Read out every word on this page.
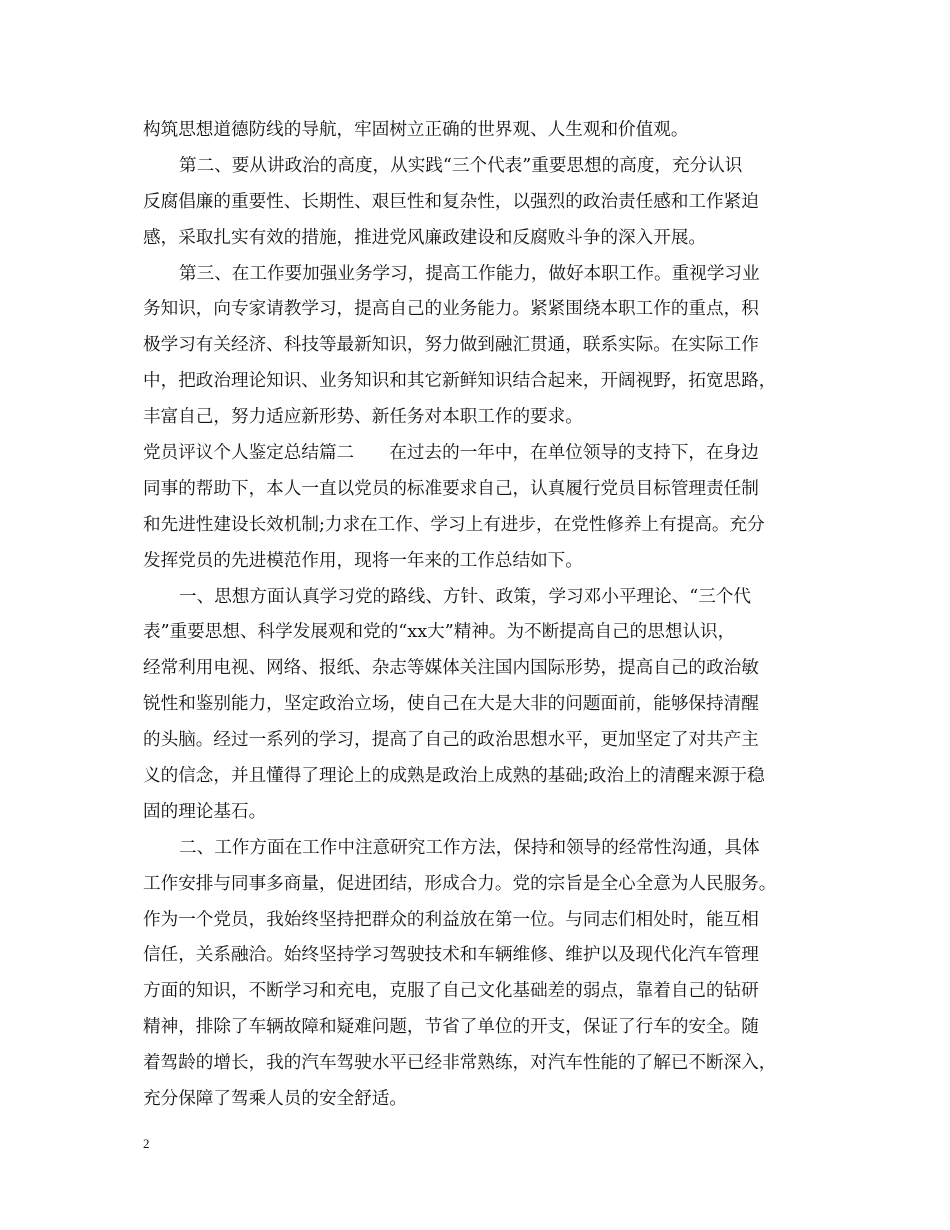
构筑思想道德防线的导航，牢固树立正确的世界观、人生观和价值观。
第二、要从讲政治的高度，从实践“三个代表”重要思想的高度，充分认识
反腐倡廉的重要性、长期性、艰巨性和复杂性，以强烈的政治责任感和工作紧迫
感，采取扎实有效的措施，推进党风廉政建设和反腐败斗争的深入开展。
第三、在工作要加强业务学习，提高工作能力，做好本职工作。重视学习业
务知识，向专家请教学习，提高自己的业务能力。紧紧围绕本职工作的重点，积
极学习有关经济、科技等最新知识，努力做到融汇贯通，联系实际。在实际工作
中，把政治理论知识、业务知识和其它新鲜知识结合起来，开阔视野，拓宽思路，
丰富自己，努力适应新形势、新任务对本职工作的要求。
党员评议个人鉴定总结篇二　　在过去的一年中，在单位领导的支持下，在身边
同事的帮助下，本人一直以党员的标准要求自己，认真履行党员目标管理责任制
和先进性建设长效机制;力求在工作、学习上有进步，在党性修养上有提高。充分
发挥党员的先进模范作用，现将一年来的工作总结如下。
一、思想方面认真学习党的路线、方针、政策，学习邓小平理论、“三个代
表”重要思想、科学发展观和党的“xx大”精神。为不断提高自己的思想认识，
经常利用电视、网络、报纸、杂志等媒体关注国内国际形势，提高自己的政治敏
锐性和鉴别能力，坚定政治立场，使自己在大是大非的问题面前，能够保持清醒
的头脑。经过一系列的学习，提高了自己的政治思想水平，更加坚定了对共产主
义的信念，并且懂得了理论上的成熟是政治上成熟的基础;政治上的清醒来源于稳
固的理论基石。
二、工作方面在工作中注意研究工作方法，保持和领导的经常性沟通，具体
工作安排与同事多商量，促进团结，形成合力。党的宗旨是全心全意为人民服务。
作为一个党员，我始终坚持把群众的利益放在第一位。与同志们相处时，能互相
信任，关系融洽。始终坚持学习驾驶技术和车辆维修、维护以及现代化汽车管理
方面的知识，不断学习和充电，克服了自己文化基础差的弱点，靠着自己的钻研
精神，排除了车辆故障和疑难问题，节省了单位的开支，保证了行车的安全。随
着驾龄的增长，我的汽车驾驶水平已经非常熟练，对汽车性能的了解已不断深入，
充分保障了驾乘人员的安全舒适。
2
